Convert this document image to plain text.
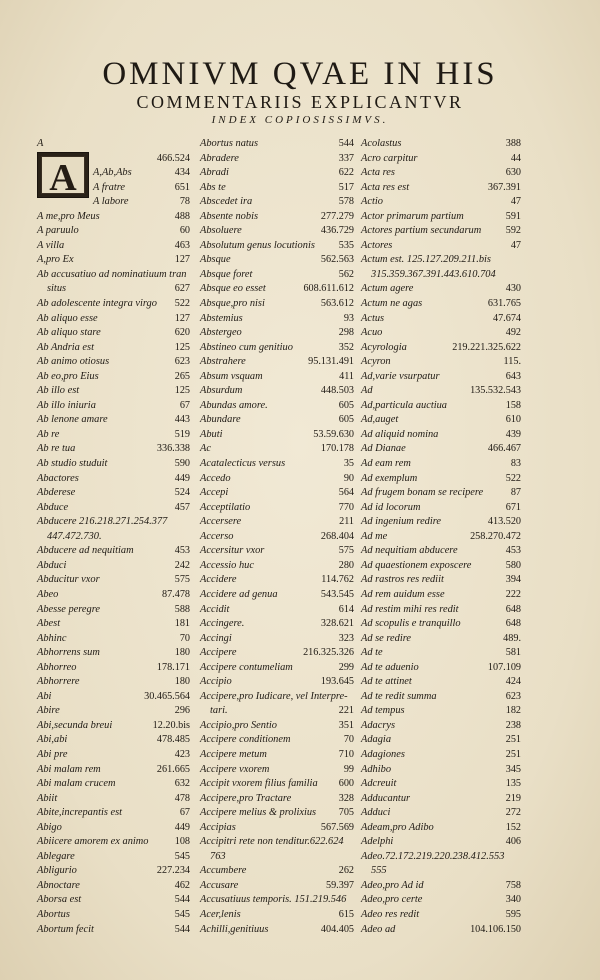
OMNIVM QVAE IN HIS
COMMENTARIIS EXPLICANTVR
INDEX COPIOSISSIMVS.
A
A
466.524
A,Ab,Abs	434
A fratre	651
A labore	78
A me,pro Meus	488
A paruulo	60
A villa	463
A,pro Ex	127
Ab accusatiuo ad nominatiuum tran
situs	627
Ab adolescente integra virgo 522
Ab aliquo esse	127
Ab aliquo stare	620
Ab Andria est	125
Ab animo otiosus	623
Ab eo,pro Eius	265
Ab illo est	125
Ab illo iniuria	67
Ab lenone amare	443
Ab re	519
Ab re tua	336.338
Ab studio studuit	590
Abactores	449
Abderese	524
Abduce	457
Abducere 216.218.271.254.377
447.472.730.
Abducere ad nequitiam	453
Abduci	242
Abducitur vxor	575
Abeo	87.478
Abesse peregre	588
Abest	181
Abhinc	70
Abhorrens sum	180
Abhorreo	178.171
Abhorrere	180
Abi	30.465.564
Abire	296
Abi,secunda breui	12.20.bis
Abi,abi	478.485
Abi pre	423
Abi malam rem	261.665
Abi malam crucem	632
Abiit	478
Abite,increpantis est	67
Abigo	449
Abiicere amorem ex animo	108
Ablegare	545
Abligurio	227.234
Abnoctare	462
Aborsa est	544
Abortus	545
Abortum fecit	544
Abortus natus	544
Abradere	337
Abradi	622
Abs te	517
Abscedet ira	578
Absente nobis	277.279
Absoluere	436.729
Absolutum genus locutionis 535
Absque	562.563
Absque foret	562
Absque eo esset	608.611.612
Absque,pro nisi	563.612
Abstemius	93
Abstergeo	298
Abstineo cum genitiuo	352
Abstrahere	95.131.491
Absum vsquam	411
Absurdum	448.503
Abundas amore.	605
Abundare	605
Abuti	53.59.630
Ac	170.178
Acatalecticus versus	35
Accedo	90
Accepi	564
Acceptilatio	770
Accersere	211
Accerso	268.404
Accersitur vxor	575
Accessio huc	280
Accidere	114.762
Accidere ad genua	543.545
Accidit	614
Accingere.	328.621
Accingi	323
Accipere	216.325.326
Accipere contumeliam	299
Accipio	193.645
Accipere,pro Iudicare, vel Interpre-
tari.	221
Accipio,pro Sentio	351
Accipere conditionem	70
Accipere metum	710
Accipere vxorem	99
Accipit vxorem filius familia 600
Accipere,pro Tractare	328
Accipere melius & prolixius 705
Accipias	567.569
Accipitri rete non tenditur.622.624
763
Accumbere	262
Accusare	59.397
Accusatiuus temporis. 151.219.546
Acer,lenis	615
Achilli,genitiuus	404.405
Acolastus	388
Acro carpitur	44
Acta res	630
Acta res est	367.391
Actio	47
Actor primarum partium	591
Actores partium secundarum 592
Actores	47
Actum est. 125.127.209.211.bis
315.359.367.391.443.610.704
Actum agere	430
Actum ne agas	631.765
Actus	47.674
Acuo	492
Acyrologia	219.221.325.622
Acyron	115.
Ad,varie vsurpatur	643
Ad	135.532.543
Ad,particula auctiua	158
Ad,auget	610
Ad aliquid nomina	439
Ad Dianae	466.467
Ad eam rem	83
Ad exemplum	522
Ad frugem bonam se recipere	87
Ad id locorum	671
Ad ingenium redire	413.520
Ad me	258.270.472
Ad nequitiam abducere	453
Ad quaestionem exposcere	580
Ad rastros res rediit	394
Ad rem auidum esse	222
Ad restim mihi res redit	648
Ad scopulis e tranquillo	648
Ad se redire	489.
Ad te	581
Ad te aduenio	107.109
Ad te attinet	424
Ad te redit summa	623
Ad tempus	182
Adacrys	238
Adagia	251
Adagiones	251
Adhibo	345
Adcreuit	135
Adducantur	219
Adduci	272
Adeam,pro Adibo	152
Adelphi	406
Adeo.72.172.219.220.238.412.553
555
Adeo,pro Ad id	758
Adeo,pro certe	340
Adeo res redit	595
Adeo ad	104.106.150
